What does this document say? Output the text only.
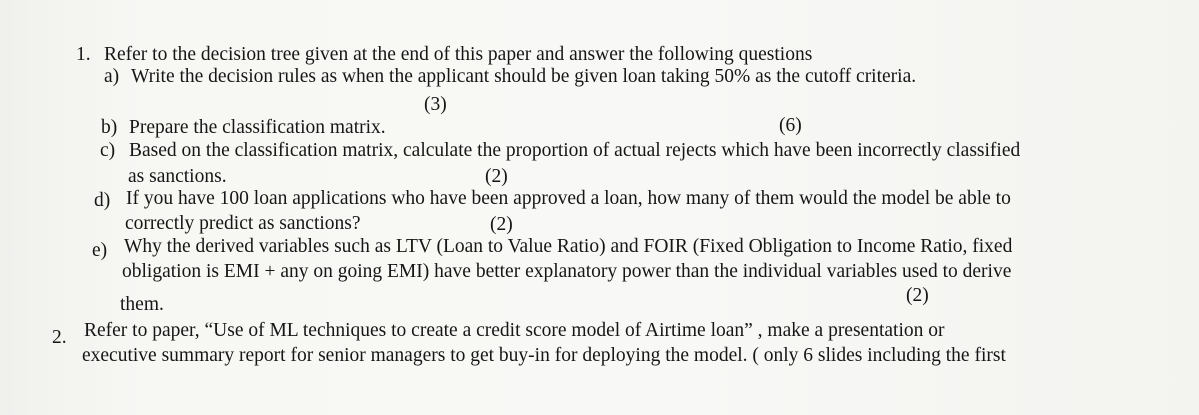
1. Refer to the decision tree given at the end of this paper and answer the following questions
a) Write the decision rules as when the applicant should be given loan taking 50% as the cutoff criteria.
(3)
b) Prepare the classification matrix.	(6)
c) Based on the classification matrix, calculate the proportion of actual rejects which have been incorrectly classified
as sanctions.	(2)
d) If you have 100 loan applications who have been approved a loan, how many of them would the model be able to
correctly predict as sanctions?	(2)
e) Why the derived variables such as LTV (Loan to Value Ratio) and FOIR (Fixed Obligation to Income Ratio, fixed
obligation is EMI + any on going EMI) have better explanatory power than the individual variables used to derive
them.	(2)
2. Refer to paper, “Use of ML techniques to create a credit score model of Airtime loan” , make a presentation or
executive summary report for senior managers to get buy-in for deploying the model. ( only 6 slides including the first
